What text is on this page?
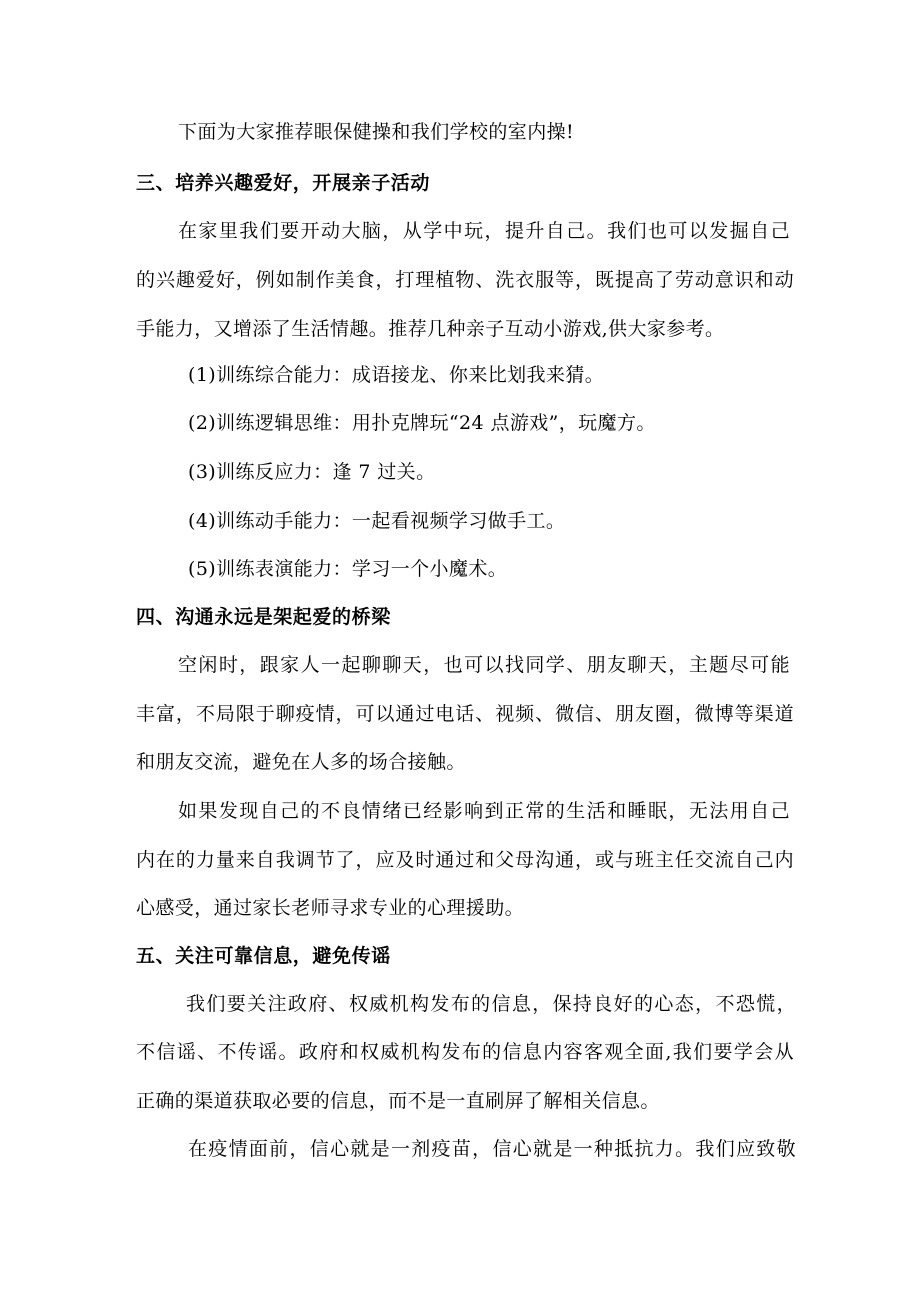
下面为大家推荐眼保健操和我们学校的室内操!
三、培养兴趣爱好，开展亲子活动
在家里我们要开动大脑，从学中玩，提升自己。我们也可以发掘自己
的兴趣爱好，例如制作美食，打理植物、洗衣服等，既提高了劳动意识和动
手能力，又增添了生活情趣。推荐几种亲子互动小游戏,供大家参考。
(1)训练综合能力：成语接龙、你来比划我来猜。
(2)训练逻辑思维：用扑克牌玩“24 点游戏”，玩魔方。
(3)训练反应力：逢 7 过关。
(4)训练动手能力：一起看视频学习做手工。
(5)训练表演能力：学习一个小魔术。
四、沟通永远是架起爱的桥梁
空闲时，跟家人一起聊聊天，也可以找同学、朋友聊天，主题尽可能
丰富，不局限于聊疫情，可以通过电话、视频、微信、朋友圈，微博等渠道
和朋友交流，避免在人多的场合接触。
如果发现自己的不良情绪已经影响到正常的生活和睡眠，无法用自己
内在的力量来自我调节了，应及时通过和父母沟通，或与班主任交流自己内
心感受，通过家长老师寻求专业的心理援助。
五、关注可靠信息，避免传谣
我们要关注政府、权威机构发布的信息，保持良好的心态，不恐慌，
不信谣、不传谣。政府和权威机构发布的信息内容客观全面,我们要学会从
正确的渠道获取必要的信息，而不是一直刷屏了解相关信息。
在疫情面前，信心就是一剂疫苗，信心就是一种抵抗力。我们应致敬
